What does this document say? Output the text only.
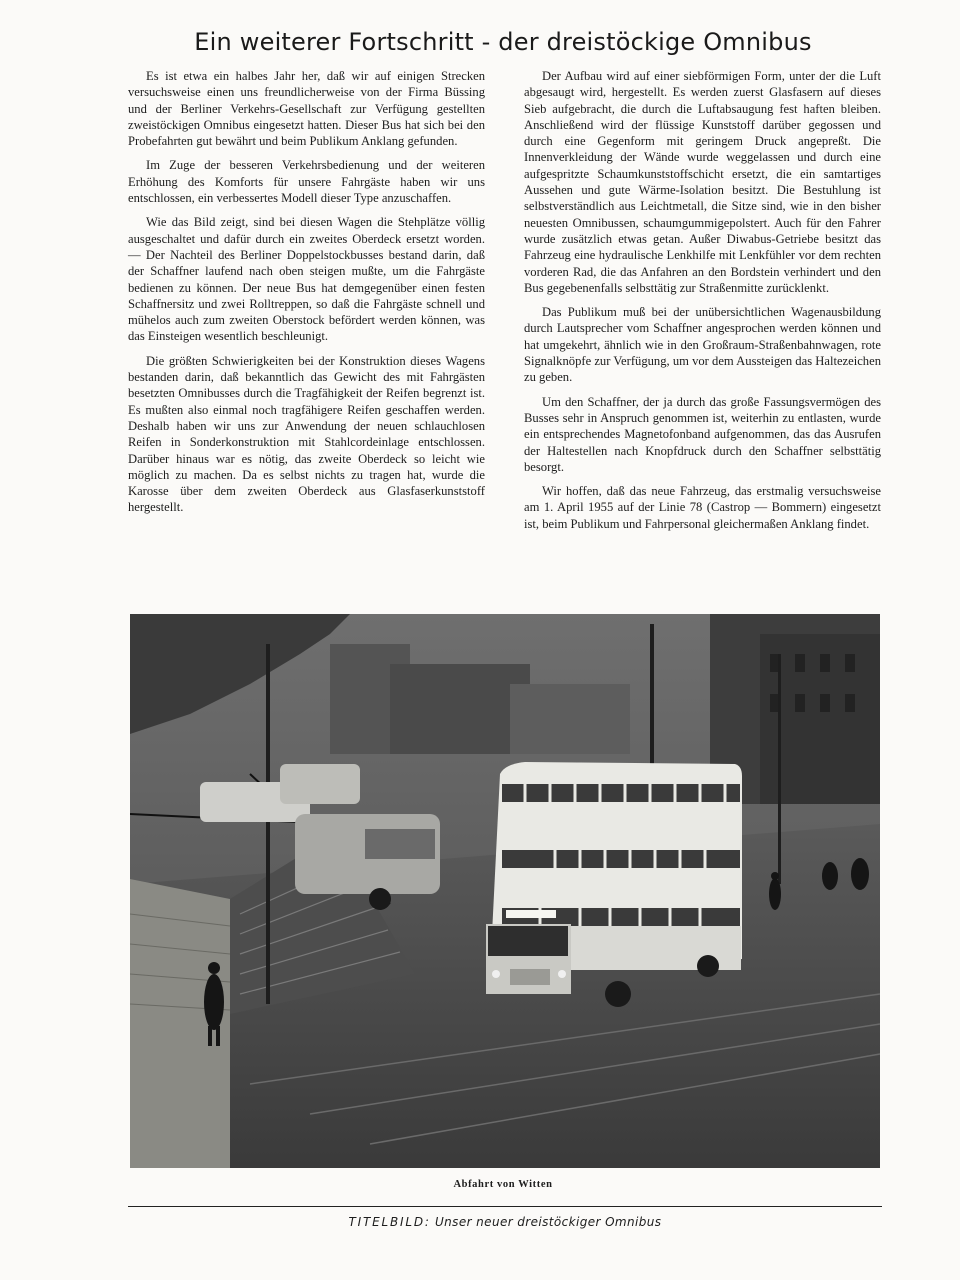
Ein weiterer Fortschritt - der dreistöckige Omnibus

Es ist etwa ein halbes Jahr her, daß wir auf einigen Strecken versuchsweise einen uns freundlicherweise von der Firma Büssing und der Berliner Verkehrs-Gesellschaft zur Verfügung gestellten zweistöckigen Omnibus eingesetzt hatten. Dieser Bus hat sich bei den Probefahrten gut bewährt und beim Publikum Anklang gefunden.

Im Zuge der besseren Verkehrsbedienung und der weiteren Erhöhung des Komforts für unsere Fahrgäste haben wir uns entschlossen, ein verbessertes Modell dieser Type anzuschaffen.

Wie das Bild zeigt, sind bei diesen Wagen die Stehplätze völlig ausgeschaltet und dafür durch ein zweites Oberdeck ersetzt worden. — Der Nachteil des Berliner Doppelstockbusses bestand darin, daß der Schaffner laufend nach oben steigen mußte, um die Fahrgäste bedienen zu können. Der neue Bus hat demgegenüber einen festen Schaffnersitz und zwei Rolltreppen, so daß die Fahrgäste schnell und mühelos auch zum zweiten Oberstock befördert werden können, was das Einsteigen wesentlich beschleunigt.

Die größten Schwierigkeiten bei der Konstruktion dieses Wagens bestanden darin, daß bekanntlich das Gewicht des mit Fahrgästen besetzten Omnibusses durch die Tragfähigkeit der Reifen begrenzt ist. Es mußten also einmal noch tragfähigere Reifen geschaffen werden. Deshalb haben wir uns zur Anwendung der neuen schlauchlosen Reifen in Sonderkonstruktion mit Stahlcordeinlage entschlossen. Darüber hinaus war es nötig, das zweite Oberdeck so leicht wie möglich zu machen. Da es selbst nichts zu tragen hat, wurde die Karosse über dem zweiten Oberdeck aus Glasfaserkunststoff hergestellt.

Der Aufbau wird auf einer siebförmigen Form, unter der die Luft abgesaugt wird, hergestellt. Es werden zuerst Glasfasern auf dieses Sieb aufgebracht, die durch die Luftabsaugung fest haften bleiben. Anschließend wird der flüssige Kunststoff darüber gegossen und durch eine Gegenform mit geringem Druck angepreßt. Die Innenverkleidung der Wände wurde weggelassen und durch eine aufgespritzte Schaumkunststoffschicht ersetzt, die ein samtartiges Aussehen und gute Wärme-Isolation besitzt. Die Bestuhlung ist selbstverständlich aus Leichtmetall, die Sitze sind, wie in den bisher neuesten Omnibussen, schaumgummigepolstert. Auch für den Fahrer wurde zusätzlich etwas getan. Außer Diwabus-Getriebe besitzt das Fahrzeug eine hydraulische Lenkhilfe mit Lenkfühler vor dem rechten vorderen Rad, die das Anfahren an den Bordstein verhindert und den Bus gegebenenfalls selbsttätig zur Straßenmitte zurücklenkt.

Das Publikum muß bei der unübersichtlichen Wagenausbildung durch Lautsprecher vom Schaffner angesprochen werden können und hat umgekehrt, ähnlich wie in den Großraum-Straßenbahnwagen, rote Signalknöpfe zur Verfügung, um vor dem Aussteigen das Haltezeichen zu geben.

Um den Schaffner, der ja durch das große Fassungsvermögen des Busses sehr in Anspruch genommen ist, weiterhin zu entlasten, wurde ein entsprechendes Magnetofonband aufgenommen, das das Ausrufen der Haltestellen nach Knopfdruck durch den Schaffner selbsttätig besorgt.

Wir hoffen, daß das neue Fahrzeug, das erstmalig versuchsweise am 1. April 1955 auf der Linie 78 (Castrop — Bommern) eingesetzt ist, beim Publikum und Fahrpersonal gleichermaßen Anklang findet.

Abfahrt von Witten
TITELBILD: Unser neuer dreistöckiger Omnibus
